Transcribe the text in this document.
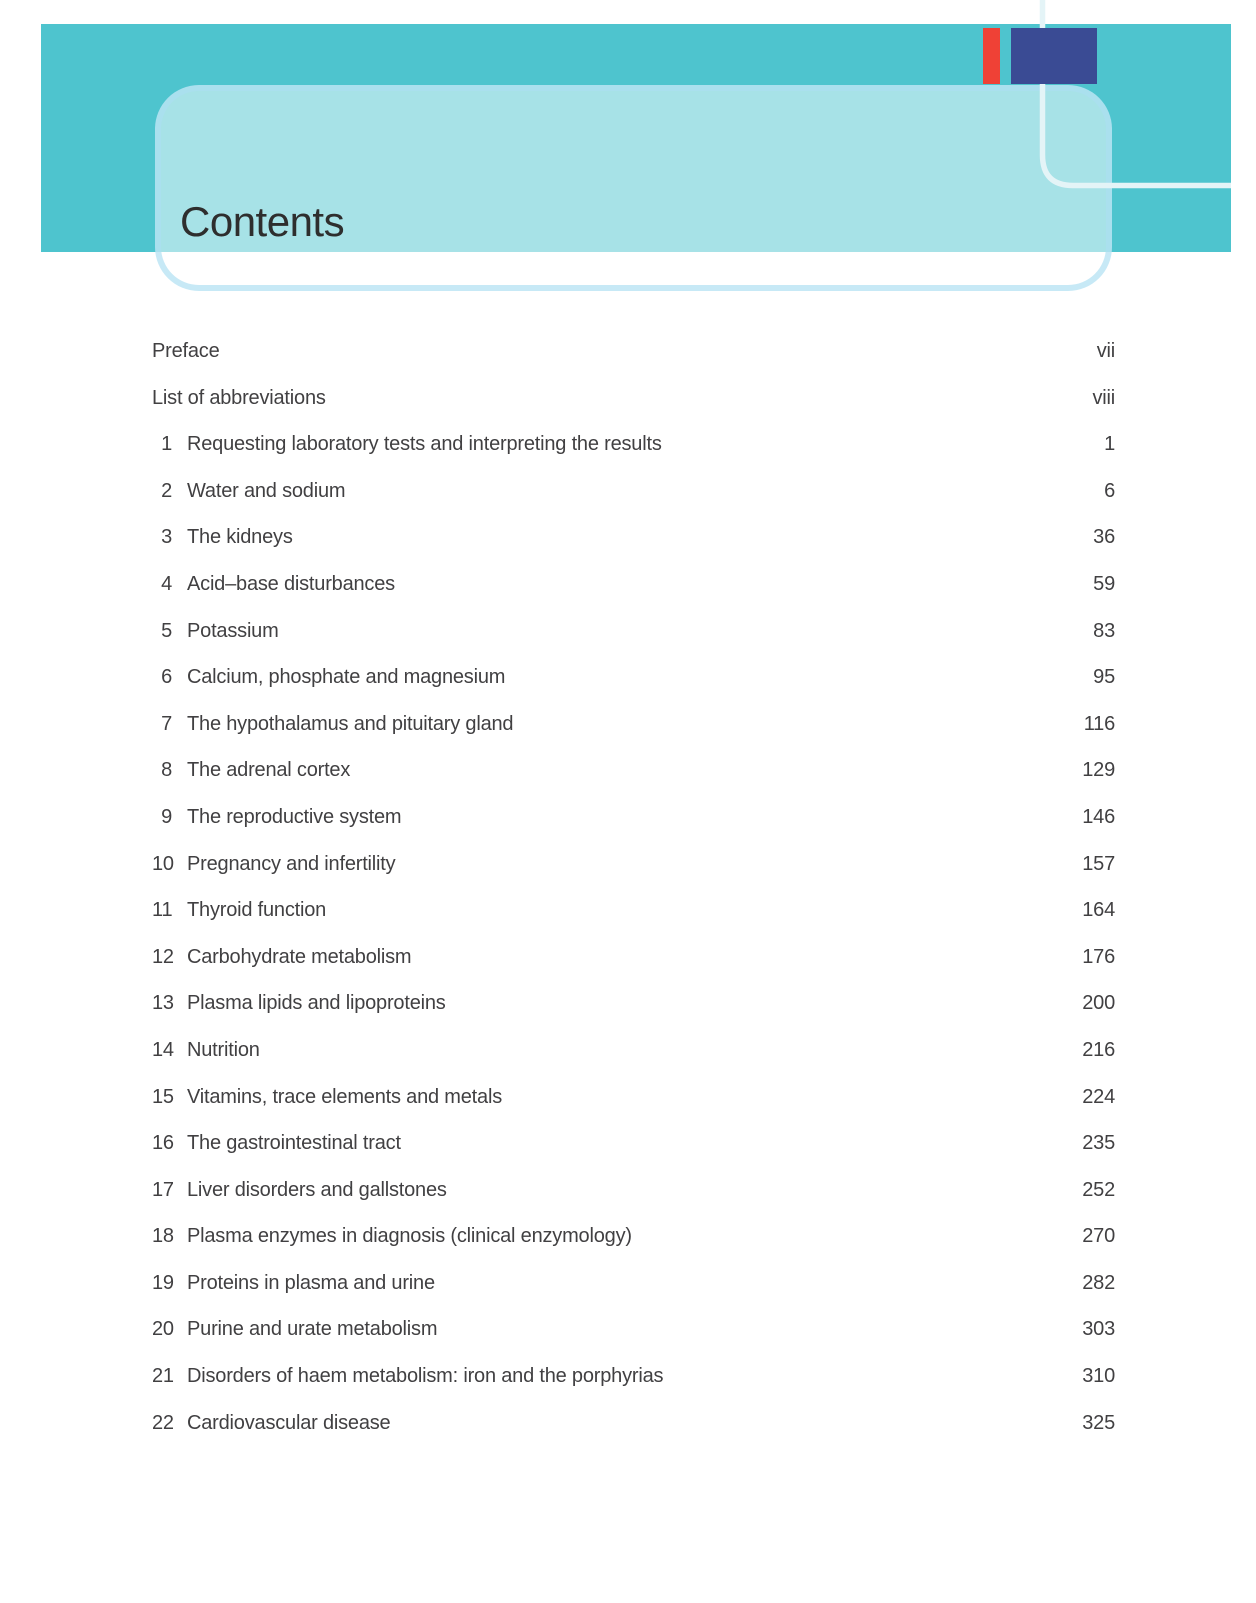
Contents
Preface	vii
List of abbreviations	viii
1 Requesting laboratory tests and interpreting the results	1
2 Water and sodium	6
3 The kidneys	36
4 Acid–base disturbances	59
5 Potassium	83
6 Calcium, phosphate and magnesium	95
7 The hypothalamus and pituitary gland	116
8 The adrenal cortex	129
9 The reproductive system	146
10 Pregnancy and infertility	157
11 Thyroid function	164
12 Carbohydrate metabolism	176
13 Plasma lipids and lipoproteins	200
14 Nutrition	216
15 Vitamins, trace elements and metals	224
16 The gastrointestinal tract	235
17 Liver disorders and gallstones	252
18 Plasma enzymes in diagnosis (clinical enzymology)	270
19 Proteins in plasma and urine	282
20 Purine and urate metabolism	303
21 Disorders of haem metabolism: iron and the porphyrias	310
22 Cardiovascular disease	325
